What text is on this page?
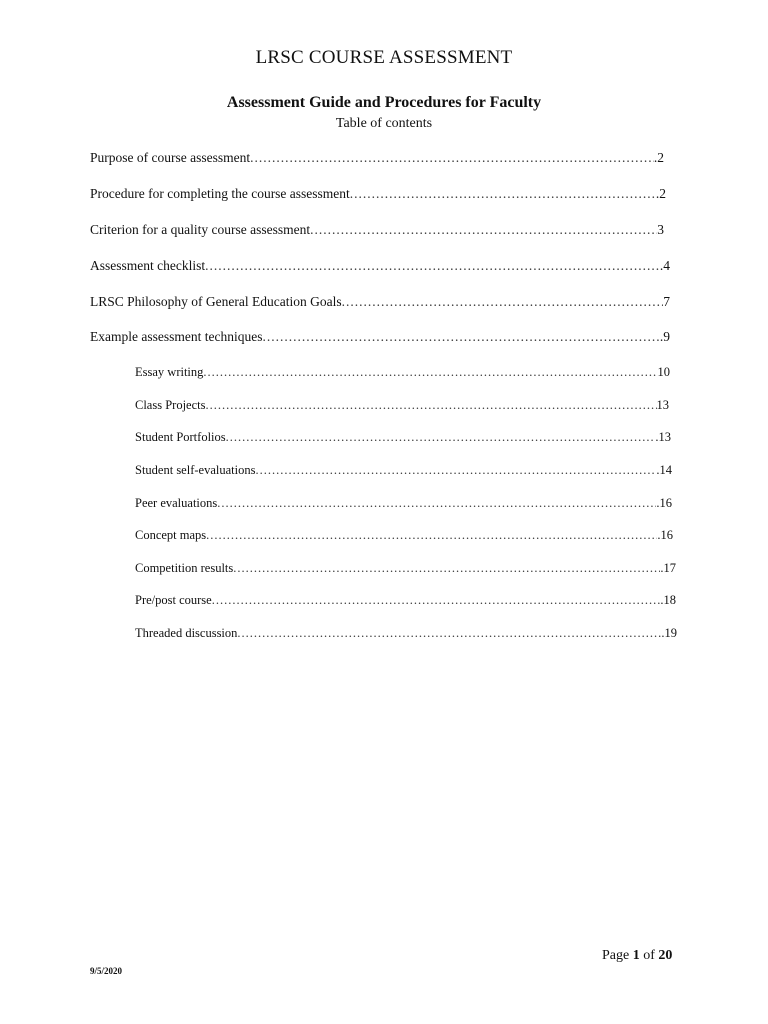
LRSC COURSE ASSESSMENT
Assessment Guide and Procedures for Faculty
Table of contents
Purpose of course assessment .....	.2
Procedure for completing the course assessment .....	.2
Criterion for a quality course assessment .....	3
Assessment checklist .....	.4
LRSC Philosophy of General Education Goals .....	7
Example assessment techniques .....	.9
Essay writing .....	10
Class Projects .....	13
Student Portfolios .....	.13
Student self-evaluations .....	.14
Peer evaluations .....	.16
Concept maps .....	.16
Competition results .....	.17
Pre/post course .....	.18
Threaded discussion .....	.19
Page 1 of 20
9/5/2020
